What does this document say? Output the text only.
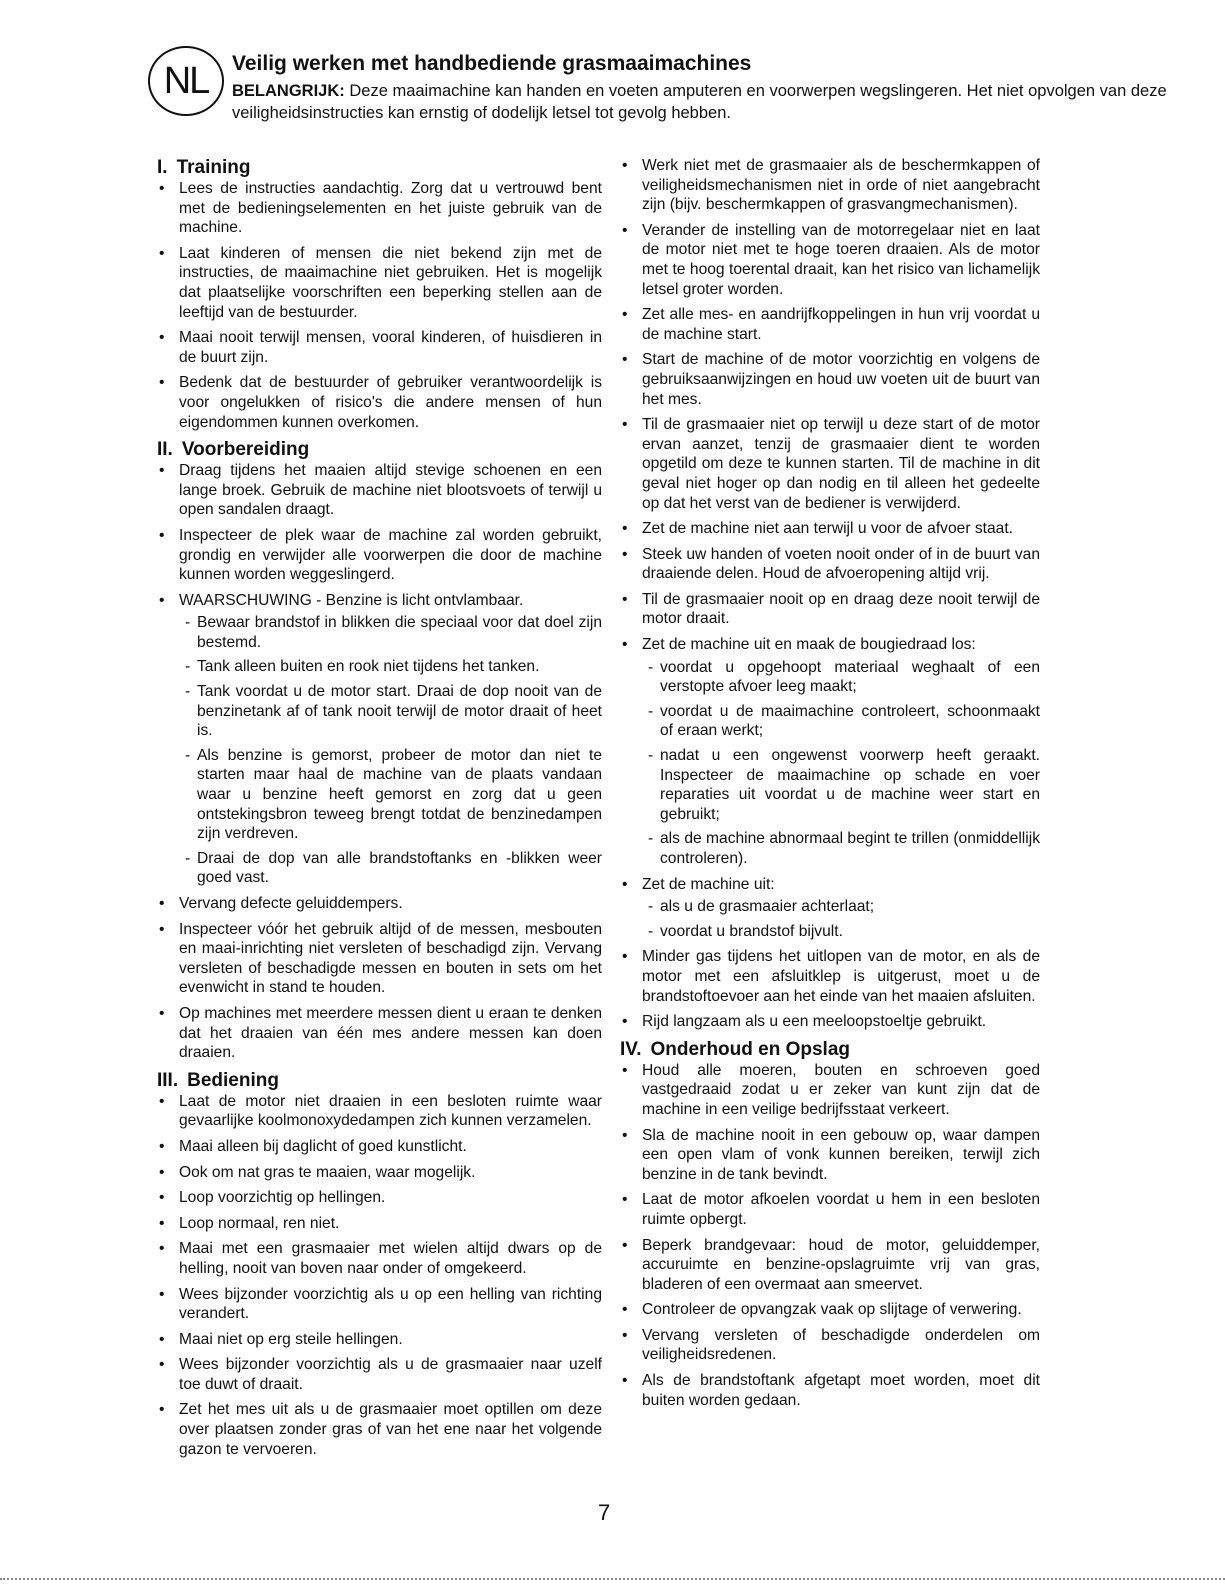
NL	Veilig werken met handbediende grasmaaimachines
BELANGRIJK: Deze maaimachine kan handen en voeten amputeren en voorwerpen wegslingeren. Het niet opvolgen van deze veiligheidsinstructies kan ernstig of dodelijk letsel tot gevolg hebben.
I. Training
• Lees de instructies aandachtig. Zorg dat u vertrouwd bent met de bedieningselementen en het juiste gebruik van de machine.
• Laat kinderen of mensen die niet bekend zijn met de instructies, de maaimachine niet gebruiken. Het is mogelijk dat plaatselijke voorschriften een beperking stellen aan de leeftijd van de bestuurder.
• Maai nooit terwijl mensen, vooral kinderen, of huisdieren in de buurt zijn.
• Bedenk dat de bestuurder of gebruiker verantwoordelijk is voor ongelukken of risico's die andere mensen of hun eigendommen kunnen overkomen.
II. Voorbereiding
• Draag tijdens het maaien altijd stevige schoenen en een lange broek. Gebruik de machine niet blootsvoets of terwijl u open sandalen draagt.
• Inspecteer de plek waar de machine zal worden gebruikt, grondig en verwijder alle voorwerpen die door de machine kunnen worden weggeslingerd.
• WAARSCHUWING - Benzine is licht ontvlambaar.
- Bewaar brandstof in blikken die speciaal voor dat doel zijn bestemd.
- Tank alleen buiten en rook niet tijdens het tanken.
- Tank voordat u de motor start. Draai de dop nooit van de benzinetank af of tank nooit terwijl de motor draait of heet is.
- Als benzine is gemorst, probeer de motor dan niet te starten maar haal de machine van de plaats vandaan waar u benzine heeft gemorst en zorg dat u geen ontstekingsbron teweeg brengt totdat de benzinedampen zijn verdreven.
- Draai de dop van alle brandstoftanks en -blikken weer goed vast.
• Vervang defecte geluiddempers.
• Inspecteer vóór het gebruik altijd of de messen, mesbouten en maai-inrichting niet versleten of beschadigd zijn. Vervang versleten of beschadigde messen en bouten in sets om het evenwicht in stand te houden.
• Op machines met meerdere messen dient u eraan te denken dat het draaien van één mes andere messen kan doen draaien.
III. Bediening
• Laat de motor niet draaien in een besloten ruimte waar gevaarlijke koolmonoxydedampen zich kunnen verzamelen.
• Maai alleen bij daglicht of goed kunstlicht.
• Ook om nat gras te maaien, waar mogelijk.
• Loop voorzichtig op hellingen.
• Loop normaal, ren niet.
• Maai met een grasmaaier met wielen altijd dwars op de helling, nooit van boven naar onder of omgekeerd.
• Wees bijzonder voorzichtig als u op een helling van richting verandert.
• Maai niet op erg steile hellingen.
• Wees bijzonder voorzichtig als u de grasmaaier naar uzelf toe duwt of draait.
• Zet het mes uit als u de grasmaaier moet optillen om deze over plaatsen zonder gras of van het ene naar het volgende gazon te vervoeren.
• Werk niet met de grasmaaier als de beschermkappen of veiligheidsmechanismen niet in orde of niet aangebracht zijn (bijv. beschermkappen of grasvangmechanismen).
• Verander de instelling van de motorregelaar niet en laat de motor niet met te hoge toeren draaien. Als de motor met te hoog toerental draait, kan het risico van lichamelijk letsel groter worden.
• Zet alle mes- en aandrijfkoppelingen in hun vrij voordat u de machine start.
• Start de machine of de motor voorzichtig en volgens de gebruiksaanwijzingen en houd uw voeten uit de buurt van het mes.
• Til de grasmaaier niet op terwijl u deze start of de motor ervan aanzet, tenzij de grasmaaier dient te worden opgetild om deze te kunnen starten. Til de machine in dit geval niet hoger op dan nodig en til alleen het gedeelte op dat het verst van de bediener is verwijderd.
• Zet de machine niet aan terwijl u voor de afvoer staat.
• Steek uw handen of voeten nooit onder of in de buurt van draaiende delen. Houd de afvoeropening altijd vrij.
• Til de grasmaaier nooit op en draag deze nooit terwijl de motor draait.
• Zet de machine uit en maak de bougiedraad los:
- voordat u opgehoopt materiaal weghaalt of een verstopte afvoer leeg maakt;
- voordat u de maaimachine controleert, schoonmaakt of eraan werkt;
- nadat u een ongewenst voorwerp heeft geraakt. Inspecteer de maaimachine op schade en voer reparaties uit voordat u de machine weer start en gebruikt;
- als de machine abnormaal begint te trillen (onmiddellijk controleren).
• Zet de machine uit:
- als u de grasmaaier achterlaat;
- voordat u brandstof bijvult.
• Minder gas tijdens het uitlopen van de motor, en als de motor met een afsluitklep is uitgerust, moet u de brandstoftoevoer aan het einde van het maaien afsluiten.
• Rijd langzaam als u een meeloopstoeltje gebruikt.
IV. Onderhoud en Opslag
• Houd alle moeren, bouten en schroeven goed vastgedraaid zodat u er zeker van kunt zijn dat de machine in een veilige bedrijfsstaat verkeert.
• Sla de machine nooit in een gebouw op, waar dampen een open vlam of vonk kunnen bereiken, terwijl zich benzine in de tank bevindt.
• Laat de motor afkoelen voordat u hem in een besloten ruimte opbergt.
• Beperk brandgevaar: houd de motor, geluiddemper, accuruimte en benzine-opslagruimte vrij van gras, bladeren of een overmaat aan smeervet.
• Controleer de opvangzak vaak op slijtage of verwering.
• Vervang versleten of beschadigde onderdelen om veiligheidsredenen.
• Als de brandstoftank afgetapt moet worden, moet dit buiten worden gedaan.
7
